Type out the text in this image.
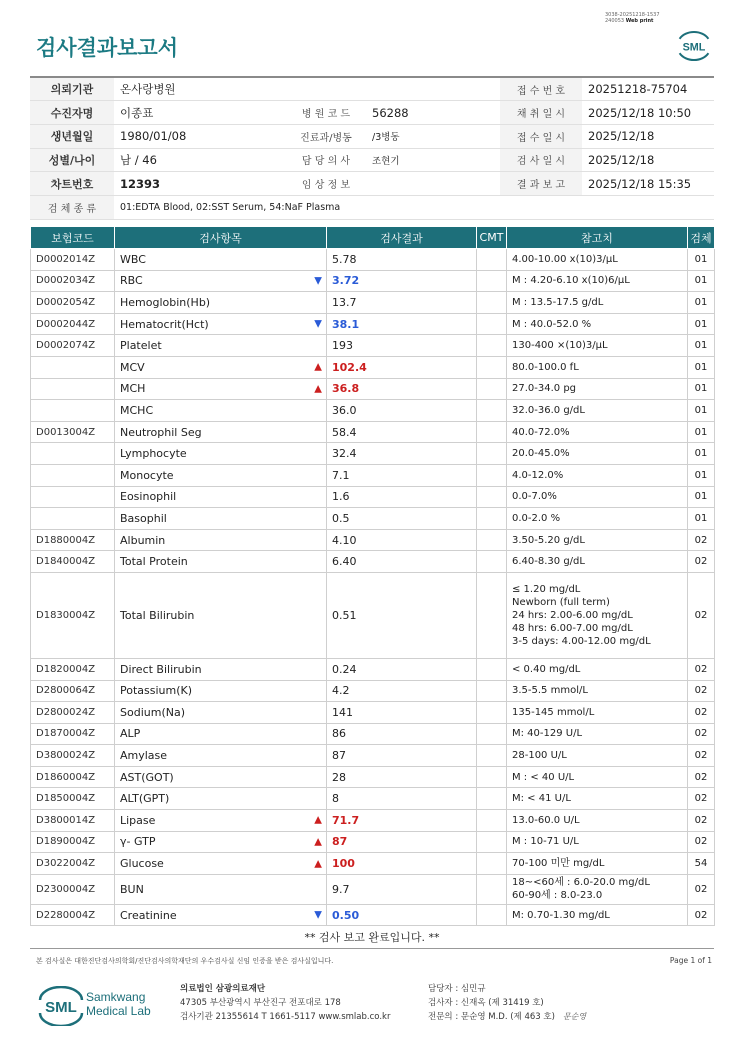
검사결과보고서
3038-20251218-1537
240053 Web print
SML
의뢰기관	온사랑병원			접 수 번 호	20251218-75704
수진자명	이종표	병 원 코 드	56288	채 취 일 시	2025/12/18 10:50
생년월일	1980/01/08	진료과/병동	/3병동	접 수 일 시	2025/12/18
성별/나이	남 / 46	담 당 의 사	조현기	검 사 일 시	2025/12/18
차트번호	12393	임 상 정 보		결 과 보 고	2025/12/18 15:35
검 체 종 류	01:EDTA Blood, 02:SST Serum, 54:NaF Plasma				
보험코드	검사항목	검사결과	CMT	참고치	검체
D0002014Z	WBC	5.78		4.00-10.00 x(10)3/μL	01
D0002034Z	RBC ▼	3.72		M : 4.20-6.10 x(10)6/μL	01
D0002054Z	Hemoglobin(Hb)	13.7		M : 13.5-17.5 g/dL	01
D0002044Z	Hematocrit(Hct) ▼	38.1		M : 40.0-52.0 %	01
D0002074Z	Platelet	193		130-400 ×(10)3/μL	01
	MCV ▲	102.4		80.0-100.0 fL	01
	MCH ▲	36.8		27.0-34.0 pg	01
	MCHC	36.0		32.0-36.0 g/dL	01
D0013004Z	Neutrophil Seg	58.4		40.0-72.0%	01
	Lymphocyte	32.4		20.0-45.0%	01
	Monocyte	7.1		4.0-12.0%	01
	Eosinophil	1.6		0.0-7.0%	01
	Basophil	0.5		0.0-2.0 %	01
D1880004Z	Albumin	4.10		3.50-5.20 g/dL	02
D1840004Z	Total Protein	6.40		6.40-8.30 g/dL	02
D1830004Z	Total Bilirubin	0.51		≤ 1.20 mg/dL
Newborn (full term)
24 hrs: 2.00-6.00 mg/dL
48 hrs: 6.00-7.00 mg/dL
3-5 days: 4.00-12.00 mg/dL	02
D1820004Z	Direct Bilirubin	0.24		< 0.40 mg/dL	02
D2800064Z	Potassium(K)	4.2		3.5-5.5 mmol/L	02
D2800024Z	Sodium(Na)	141		135-145 mmol/L	02
D1870004Z	ALP	86		M: 40-129 U/L	02
D3800024Z	Amylase	87		28-100 U/L	02
D1860004Z	AST(GOT)	28		M : < 40 U/L	02
D1850004Z	ALT(GPT)	8		M: < 41 U/L	02
D3800014Z	Lipase ▲	71.7		13.0-60.0 U/L	02
D1890004Z	γ- GTP ▲	87		M : 10-71 U/L	02
D3022004Z	Glucose ▲	100		70-100 미만 mg/dL	54
D2300004Z	BUN	9.7		18~<60세 : 6.0-20.0 mg/dL
60-90세 : 8.0-23.0	02
D2280004Z	Creatinine ▼	0.50		M: 0.70-1.30 mg/dL	02
** 검사 보고 완료입니다. **
본 검사실은 대한진단검사의학회/진단검사의학재단의 우수검사실 신임 인증을 받은 검사실입니다.	Page 1 of 1
SML
Samkwang
Medical Lab
의료법인 삼광의료재단
47305 부산광역시 부산진구 전포대로 178
검사기관 21355614 T 1661-5117 www.smlab.co.kr
담당자 : 심민규
검사자 : 신재옥 (제 31419 호)
전문의 : 문순영 M.D. (제 463 호) 문순영
